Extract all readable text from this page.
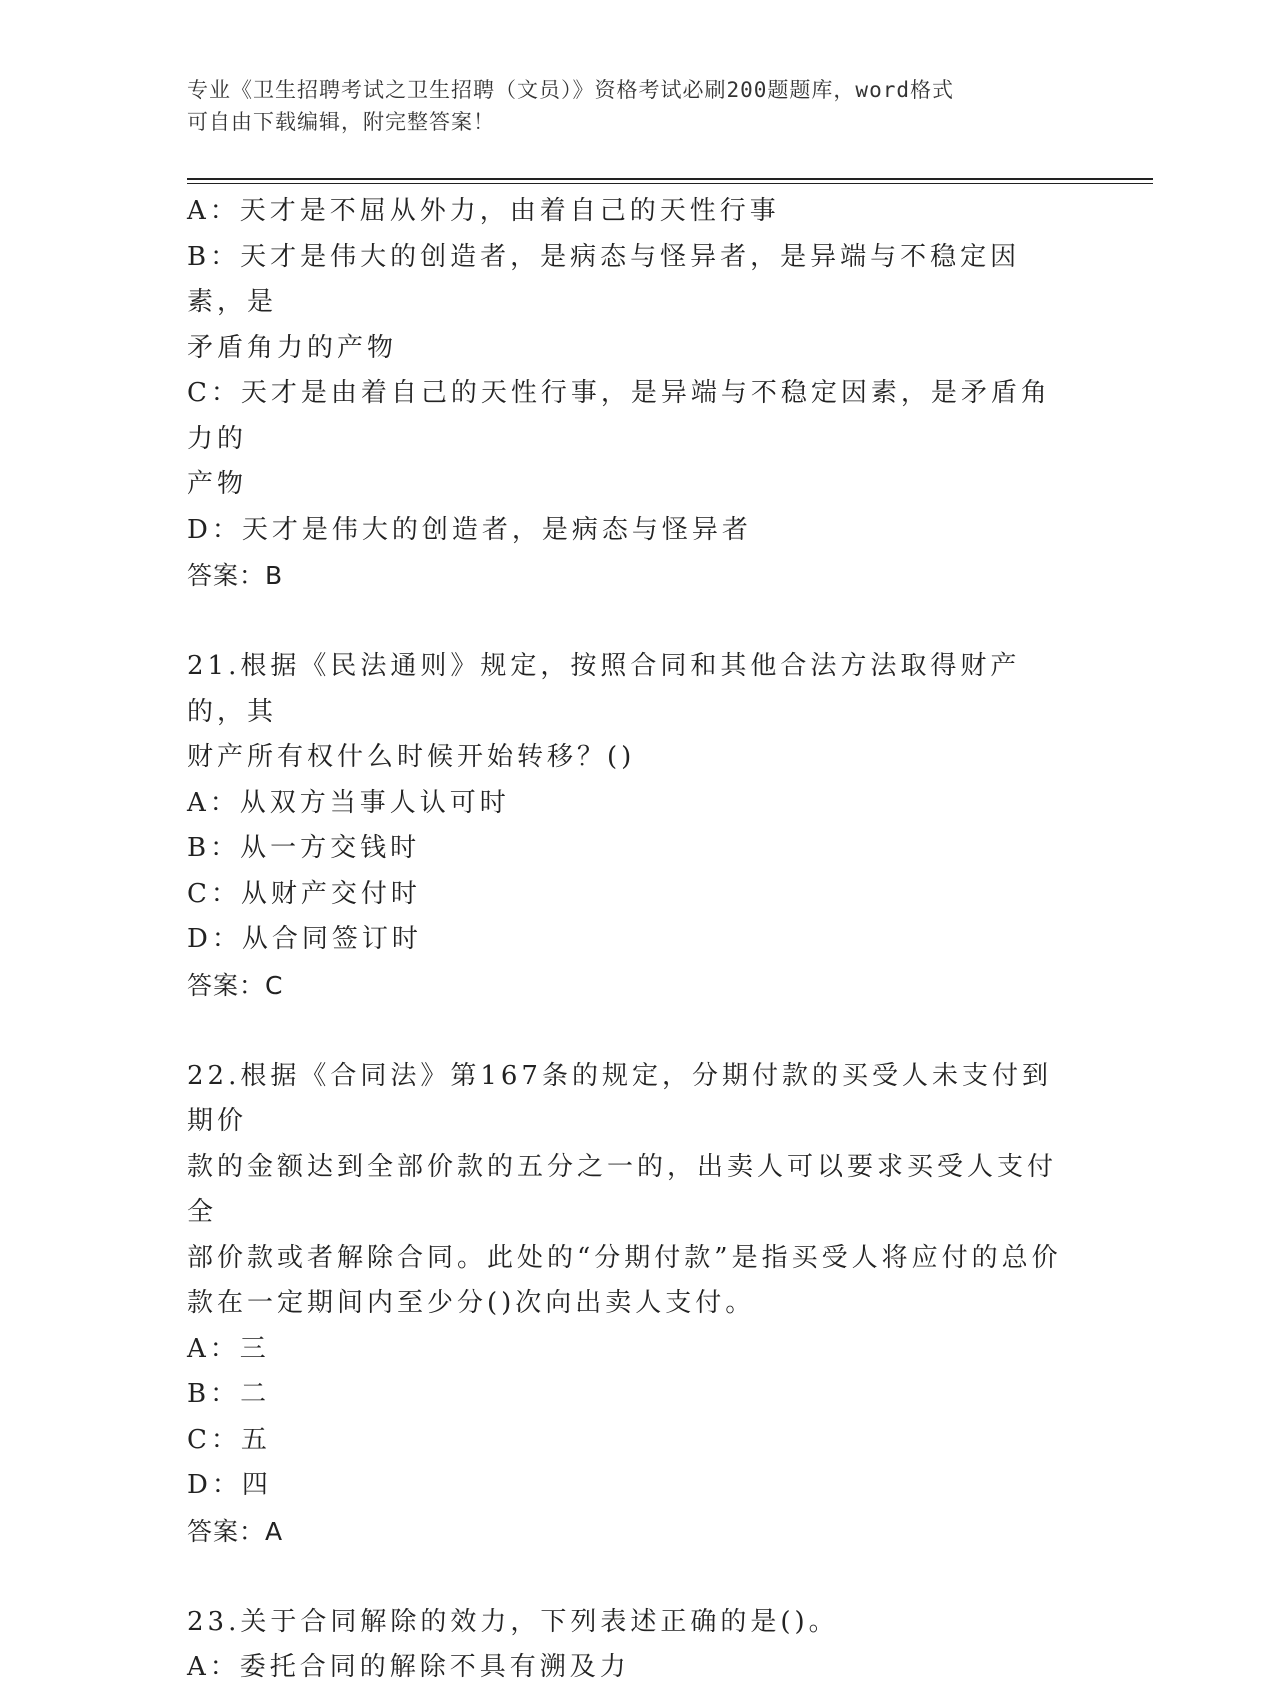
专业《卫生招聘考试之卫生招聘（文员）》资格考试必刷200题题库，word格式
可自由下载编辑，附完整答案！

A：天才是不屈从外力，由着自己的天性行事

B：天才是伟大的创造者，是病态与怪异者，是异端与不稳定因素，是

矛盾角力的产物

C：天才是由着自己的天性行事，是异端与不稳定因素，是矛盾角力的

产物

D：天才是伟大的创造者，是病态与怪异者

答案：B

21.根据《民法通则》规定，按照合同和其他合法方法取得财产的，其

财产所有权什么时候开始转移？()

A：从双方当事人认可时

B：从一方交钱时

C：从财产交付时

D：从合同签订时

答案：C

22.根据《合同法》第167条的规定，分期付款的买受人未支付到期价

款的金额达到全部价款的五分之一的，出卖人可以要求买受人支付全

部价款或者解除合同。此处的“分期付款”是指买受人将应付的总价

款在一定期间内至少分()次向出卖人支付。

A：三

B：二

C：五

D：四

答案：A

23.关于合同解除的效力，下列表述正确的是()。

A：委托合同的解除不具有溯及力
